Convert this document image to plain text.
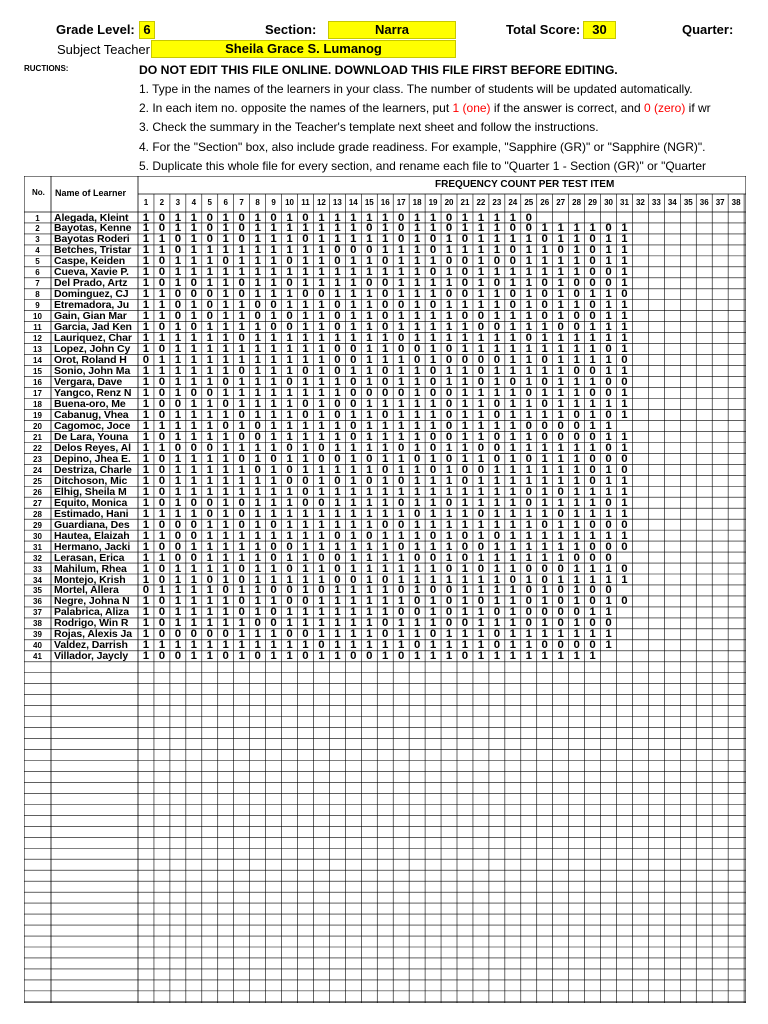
Grade Level: 6	Section:	Narra	Total Score: 30	Quarter:
Subject Teacher	Sheila Grace S. Lumanog
RUCTIONS:	DO NOT EDIT THIS FILE ONLINE. DOWNLOAD THIS FILE FIRST BEFORE EDITING.
1. Type in the names of the learners in your class. The number of students will be updated automatically.
2. In each item no. opposite the names of the learners, put 1 (one) if the answer is correct, and 0 (zero) if wr
3. Check the summary in the Teacher's template next sheet and follow the instructions.
4. For the "Section" box, also include grade readiness. For example, "Sapphire (GR)" or "Sapphire (NGR)".
5. Duplicate this whole file for every section, and rename each file to "Quarter 1 - Section (GR)" or "Quarter
No. Name of Learner
FREQUENCY COUNT PER TEST ITEM
1	2	3	4	5	6	7	8	9	10 11 12 13 14 15 16 17 18 19 20 21 22 23 24 25 26 27 28 29 30 31 32 33 34 35 36 37 38
1	Alegada, Kleint	1 0 1 1 0 1 0 1 0 1 0 1 1 1 1 1 0 1 1 0 1 1 1 1 0
2	Bayotas, Kenne	1 0 1 1 0 1 0 1 1 1 1 1 1 1 0 1 0 1 1 0 1 1 1 0 0 1 1 1 1 0 1
3	Bayotas Roderi	1 1 0 1 0 1 0 1 1 1 0 1 1 1 1 1 0 1 0 1 0 1 1 1 1 0 1 1 0 1 1
4	Betches, Tristar	1 1 0 1 1 1 1 1 1 1 1 1 0 0 0 1 1 1 0 1 1 1 1 0 1 1 0 1 0 1 1
5	Caspe, Keiden	1 0 1 1 1 0 1 1 1 0 1 1 0 1 1 0 1 1 1 0 0 1 0 0 1 1 1 1 0 1 1
6	Cueva, Xavie P.	1 0 1 1 1 1 1 1 1 1 1 1 1 1 1 1 1 1 0 1 0 1 1 1 1 1 1 1 0 0 1
7	Del Prado, Artz	1 0 1 0 1 1 0 1 1 0 1 1 1 1 0 0 1 1 1 1 0 1 0 1 1 0 1 0 0 0 1
8	Dominguez, CJ	1 1 0 0 0 1 0 1 1 1 0 0 1 1 1 0 1 1 1 0 0 1 1 0 1 0 1 0 1 1 0
9	Etremadora, Ju	1 1 0 1 0 1 1 0 0 1 1 1 0 1 1 0 0 1 0 1 1 1 1 0 1 0 1 1 0 1 1
10	Gain, Gian Mar	1 1 0 1 0 1 1 0 1 0 1 1 0 1 1 0 1 1 1 1 0 0 1 1 1 0 1 0 0 1 1
11	Garcia, Jad Ken 1 0 1 0 1 1 1 1 0 0 1 1 0 1 1 0 1 1 1 1 1 0 0 1 1 1 0 0 1 1 1
12	Lauriquez, Char 1 1 1 1 1 1 0 1 1 1 1 1 1 1 1 1 0 1 1 1 1 1 1 1 0 1 1 1 1 1 1
13	Lopez, John Cy	1 0 1 1 1 1 1 1 1 1 1 1 0 0 1 1 0 0 1 0 1 1 1 1 1 1 1 1 1 0 1
14	Orot, Roland H	0 1 1 1 1 1 1 1 1 1 1 1 0 0 1 1 1 0 1 0 0 0 0 1 1 0 1 1 1 1 0
15	Sonio, John Ma	1 1 1 1 1 1 0 1 1 1 0 1 0 1 1 0 1 1 0 1 1 0 1 1 1 1 1 0 0 1 1
16	Vergara, Dave	1 0 1 1 1 0 1 1 1 0 1 1 1 0 1 0 1 1 0 1 1 0 1 0 1 0 1 1 1 0 0
17	Yangco, Renz N	1 0 1 0 0 1 1 1 1 1 1 1 1 0 0 0 0 1 0 0 1 1 1 1 0 1 1 1 0 0 1
18	Buena-oro, Me	1 0 0 1 1 0 1 1 1 1 0 1 0 0 1 1 1 1 1 0 1 1 0 1 1 0 1 1 1 1 1
19	Cabanug, Vhea	1 0 1 1 1 1 0 1 1 1 0 1 0 1 1 0 1 1 1 0 1 1 0 1 1 1 1 0 1 0 1
20	Cagomoc, Joce	1 1 1 1 1 0 1 0 1 1 1 1 1 0 1 1 1 1 1 0 1 1 1 1 0 0 0 0 1 1
21	De Lara, Youna	1 0 1 1 1 1 0 0 1 1 1 1 1 0 1 1 1 1 0 0 1 1 0 1 1 0 0 0 0 1 1
22	Delos Reyes, Al	1 1 0 0 0 1 1 1 1 0 1 0 1 1 1 1 0 1 0 1 1 0 0 1 1 1 1 1 1 0 1
23	Depino, Jhea E.	1 0 1 1 1 1 0 1 0 1 1 0 0 1 0 1 1 0 1 0 1 1 0 1 0 1 1 1 0 0 0
24	Destriza, Charle 1 0 1 1 1 1 1 0 1 0 1 1 1 1 1 0 1 1 0 1 0 0 1 1 1 1 1 1 0 1 0
25	Ditchoson, Mic	1 0 1 1 1 1 1 1 1 0 0 1 0 1 0 1 0 1 1 1 0 1 1 1 1 1 1 1 0 1 1
26	Elhig, Sheila M	1 0 1 1 1 1 1 1 1 1 0 1 1 1 1 1 1 1 1 1 1 1 1 1 0 1 0 1 1 1 1
27	Equito, Monica	1 0 1 0 0 1 0 1 1 1 0 0 1 1 1 1 0 1 1 0 1 1 1 1 0 1 1 1 1 0 1
28	Estimado, Hani	1 1 1 1 0 1 0 1 1 1 1 1 1 1 1 1 1 0 1 1 1 0 1 1 1 1 0 1 1 1 1
29	Guardiana, Des	1 0 0 0 1 1 0 1 0 1 1 1 1 1 1 0 0 1 1 1 1 1 1 1 1 0 1 1 0 0 0
30	Hautea, Elaizah	1 1 0 0 1 1 1 1 1 1 1 1 0 1 0 1 1 1 0 1 0 1 0 1 1 1 1 1 1 1 1
31	Hermano, Jacki	1 0 0 1 1 1 1 1 0 0 1 1 1 1 1 1 0 1 1 1 0 0 1 1 1 1 1 1 0 0 0
32	Lerasan, Erica	1 1 0 0 1 1 1 1 0 1 1 0 0 1 1 1 1 0 0 1 0 1 1 1 1 1 1 0 0 0
33	Mahilum, Rhea	1 0 1 1 1 1 0 1 1 0 1 1 0 1 1 1 1 1 1 0 1 0 1 1 0 0 0 1 1 1 0
34	Montejo, Krish	1 0 1 1 0 1 0 1 1 1 1 1 0 0 1 0 1 1 1 1 1 1 1 0 1 0 1 1 1 1 1
35	Mortel, Allera	0 1 1 1 1 0 1 1 0 0 1 0 1 1 1 1 0 1 0 0 1 1 1 1 0 1 0 1 0 0
36	Negre, Johna N	1 0 1 1 1 1 0 1 1 0 0 1 1 1 1 1 1 0 1 0 1 0 1 1 0 1 0 1 0 1 0
37	Palabrica, Aliza	1 0 1 1 1 1 0 1 0 1 1 1 1 1 1 1 0 0 1 0 1 1 0 1 0 0 0 0 1 1
38	Rodrigo, Win R	1 0 1 1 1 1 1 0 0 1 1 1 1 1 1 0 1 1 1 0 0 1 1 1 0 1 0 1 0 0
39	Rojas, Alexis Ja 1 0 0 0 0 0 1 1 1 0 0 1 1 1 1 0 1 1 0 1 1 1 0 1 1 1 1 1 1 1
40	Valdez, Darrish	1 1 1 1 1 1 1 1 1 1 1 0 1 1 1 1 1 0 1 1 1 1 0 1 1 0 0 0 0 1
41	Villador, Jaycly	1 0 0 1 1 0 1 0 1 1 0 1 1 0 0 1 0 1 1 1 0 1 1 1 1 1 1 1 1
